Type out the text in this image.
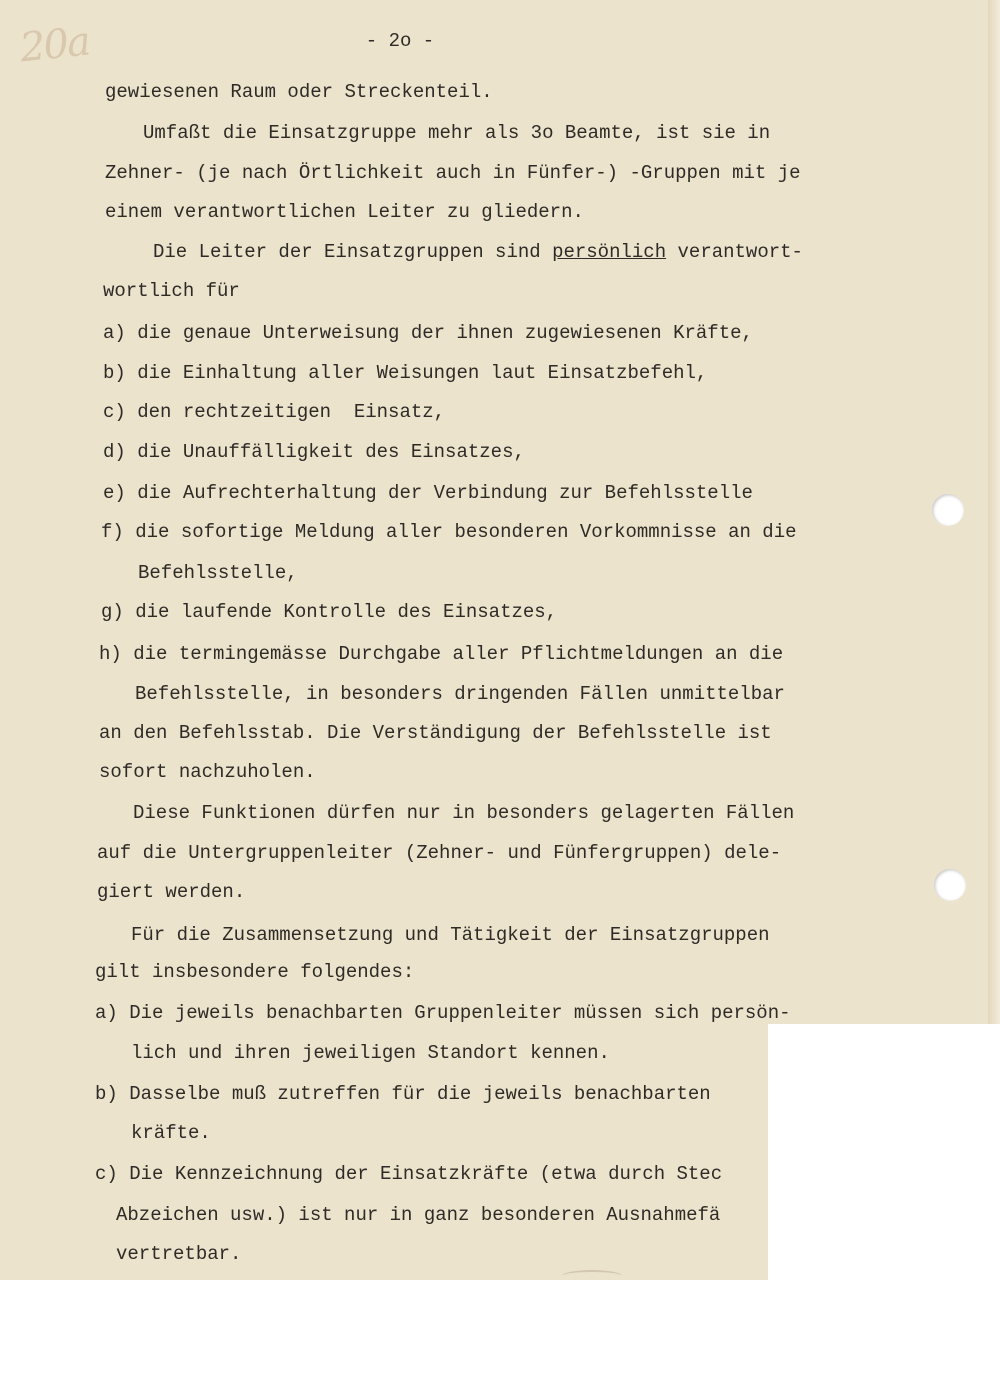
20a	- 2o -
gewiesenen Raum oder Streckenteil.
Umfaßt die Einsatzgruppe mehr als 3o Beamte, ist sie in
Zehner- (je nach Örtlichkeit auch in Fünfer-) -Gruppen mit je
einem verantwortlichen Leiter zu gliedern.
Die Leiter der Einsatzgruppen sind persönlich verantwort-
wortlich für
a) die genaue Unterweisung der ihnen zugewiesenen Kräfte,
b) die Einhaltung aller Weisungen laut Einsatzbefehl,
c) den rechtzeitigen  Einsatz,
d) die Unauffälligkeit des Einsatzes,
e) die Aufrechterhaltung der Verbindung zur Befehlsstelle
f) die sofortige Meldung aller besonderen Vorkommnisse an die
Befehlsstelle,
g) die laufende Kontrolle des Einsatzes,
h) die termingemässe Durchgabe aller Pflichtmeldungen an die
Befehlsstelle, in besonders dringenden Fällen unmittelbar
an den Befehlsstab. Die Verständigung der Befehlsstelle ist
sofort nachzuholen.
Diese Funktionen dürfen nur in besonders gelagerten Fällen
auf die Untergruppenleiter (Zehner- und Fünfergruppen) dele-
giert werden.
Für die Zusammensetzung und Tätigkeit der Einsatzgruppen
gilt insbesondere folgendes:
a) Die jeweils benachbarten Gruppenleiter müssen sich persön-
lich und ihren jeweiligen Standort kennen.
b) Dasselbe muß zutreffen für die jeweils benachbarten
kräfte.
c) Die Kennzeichnung der Einsatzkräfte (etwa durch Stec
Abzeichen usw.) ist nur in ganz besonderen Ausnahmefä
vertretbar.
